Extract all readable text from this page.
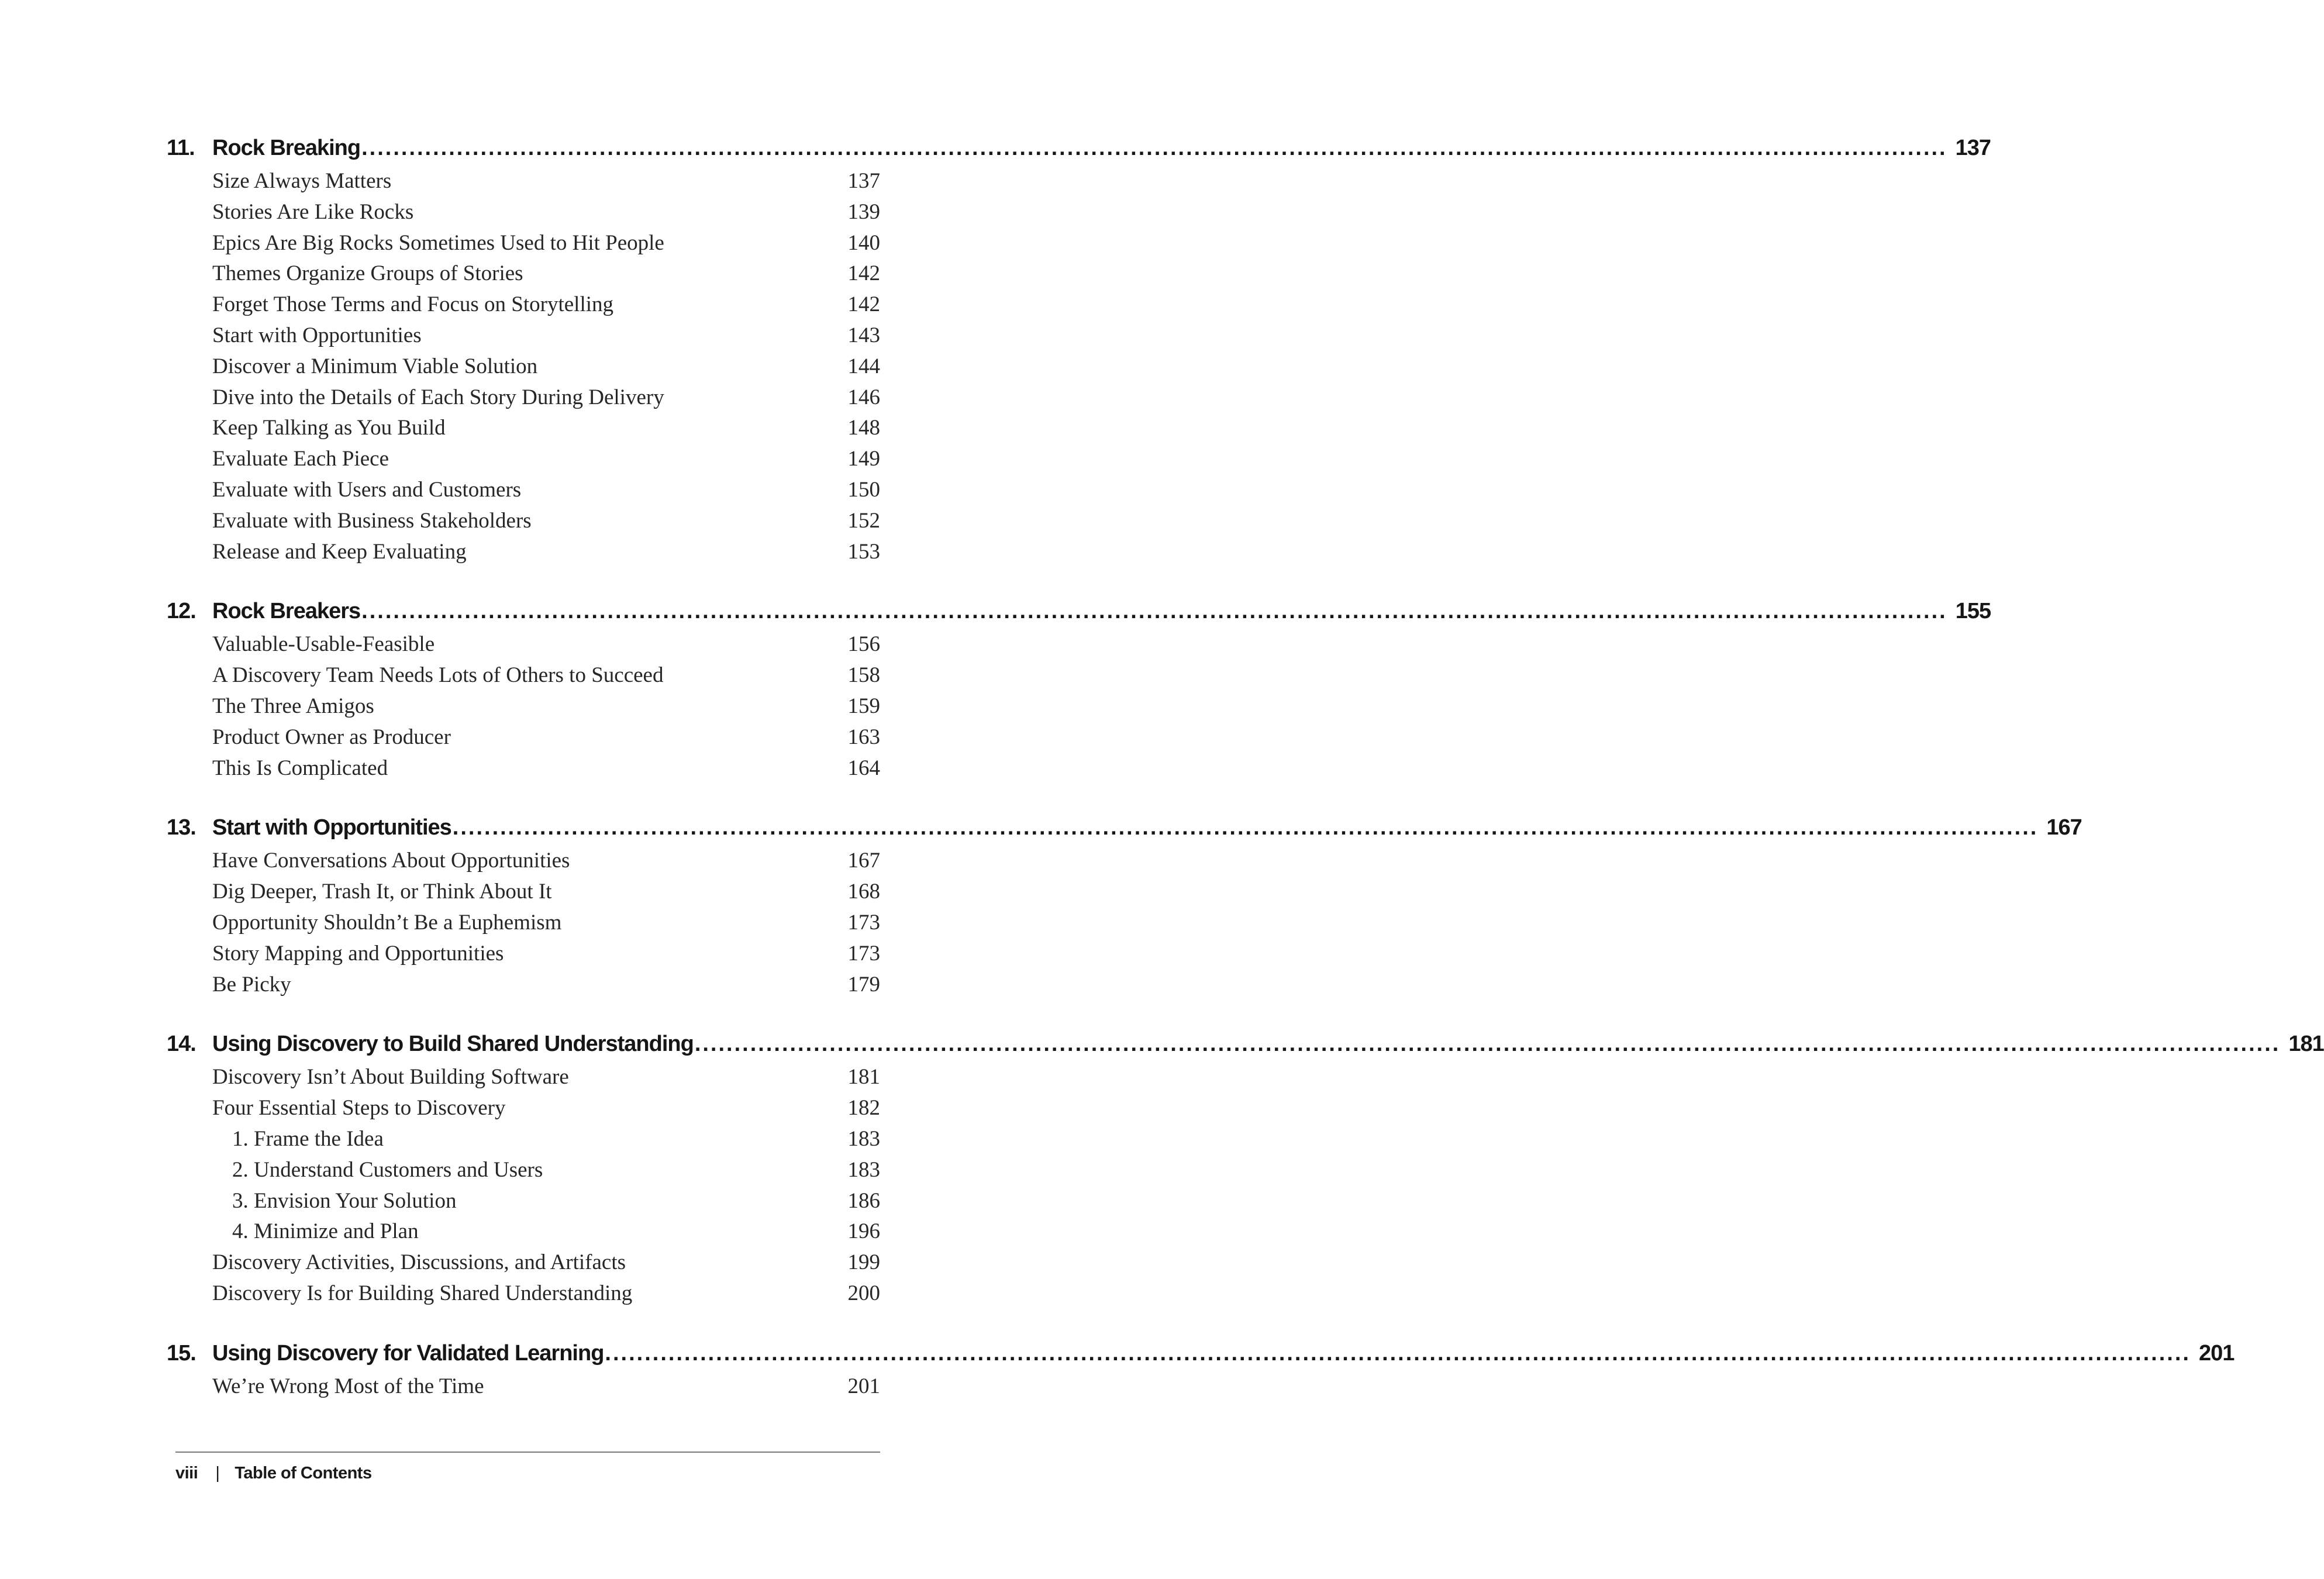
11. Rock Breaking ........................................................................................................................................................................................................ 137
Size Always Matters	137
Stories Are Like Rocks	139
Epics Are Big Rocks Sometimes Used to Hit People	140
Themes Organize Groups of Stories	142
Forget Those Terms and Focus on Storytelling	142
Start with Opportunities	143
Discover a Minimum Viable Solution	144
Dive into the Details of Each Story During Delivery	146
Keep Talking as You Build	148
Evaluate Each Piece	149
Evaluate with Users and Customers	150
Evaluate with Business Stakeholders	152
Release and Keep Evaluating	153
12. Rock Breakers ........................................................................................................................................................................................................ 155
Valuable-Usable-Feasible	156
A Discovery Team Needs Lots of Others to Succeed	158
The Three Amigos	159
Product Owner as Producer	163
This Is Complicated	164
13. Start with Opportunities ........................................................................................................................................................................................................ 167
Have Conversations About Opportunities	167
Dig Deeper, Trash It, or Think About It	168
Opportunity Shouldn’t Be a Euphemism	173
Story Mapping and Opportunities	173
Be Picky	179
14. Using Discovery to Build Shared Understanding ........................................................................................................................................................................................................ 181
Discovery Isn’t About Building Software	181
Four Essential Steps to Discovery	182
1. Frame the Idea	183
2. Understand Customers and Users	183
3. Envision Your Solution	186
4. Minimize and Plan	196
Discovery Activities, Discussions, and Artifacts	199
Discovery Is for Building Shared Understanding	200
15. Using Discovery for Validated Learning ........................................................................................................................................................................................................ 201
We’re Wrong Most of the Time	201
viii | Table of Contents
